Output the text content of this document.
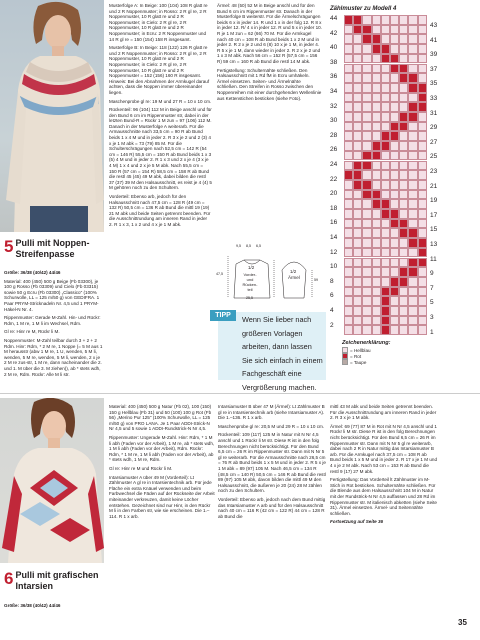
5 Pulli mit Noppen-
Streifenpasse

Größe: 36/38 (40/42) 44/46

Material: 400 (450) 500 g Beige (Fb 03300), je 100 g Rosso (Fb 03309) und Cielo (Fb 03315) sowie 50 g Ecru (Fb 03300) „Classico" (100% Schurwolle, LL = 125 m/50 g) von GEDIFRA. 1 Paar PRYM-Stricknadeln Nr. 4,5 und 1 PRYM-Häkel-N Nr. 4.

Rippenmuster: Gerade M-Zahl. Hin- und Rückr: Rdm, 1 M re, 1 M li im Wechsel, Rdm.

Gl re: Hinr re M, Rückr li M.

Noppenmuster: M-Zahl teilbar durch 3 + 2 + 2 Rdm. Hinr: Rdm, * 2 M re, 1 Noppe (= 5 M aus 1 M herausstr (abw 1 M re, 1 U, wenden, 5 M li, wenden, 5 M re, wenden, 5 M li, wenden, 2 x je 2 M re zus-str, 1 M re, dann nacheinander die 2. und 1. M über die 3. M ziehen)), ab * stets wdh, 2 M re, Rdm. Rückr: Alle M li str.

Musterfolge A: In Beige: 100 (104) 108 R glatt re und 2 R Noppenmuster; in Rosso: 2 R gl re, 2 R Noppenmuster, 10 R glatt re und 2 R Noppenmuster; in Cielo: 2 R gl re, 2 R Noppenmuster, 10 R glatt re und 2 R Noppenmuster; in Ecru: 2 R Noppenmuster und 14 R gl re = 150 (154) 158 R insgesamt.

Musterfolge B: In Beige: 118 (122) 126 R glatt re und 2 R Noppenmuster; in Rosso: 2 R gl re, 2 R Noppenmuster, 10 R glatt re und 2 R Noppenmuster; in Cielo: 2 R gl re, 2 R Noppenmuster, 10 R glatt re und 2 R Noppenmuster = 152 (156) 160 R insgesamt. Hinweis: Bei den Abnahmen der Armkugel darauf achten, dass die Noppen immer übereinander liegen.

Maschenprobe gl re: 19 M und 27 R = 10 x 10 cm.

Rückenteil: 96 (104) 112 M in Beige anschl und für den Bund 6 cm im Rippenmuster str, dabei in der letzten Bund-R = Rückr 1 M zun = 97 (106) 112 M. Danach in der Musterfolge A weiterarb. Für die Armausschnitte nach 33,5 cm = 90 R ab Bund beids 1 x 4 M und in jeder 2. R 3 x je 2 und 2 (3) 4 x je 1 M abk = 73 (79) 85 M. Für die Schulterschrägungen nach 52,5 cm = 142 R (54 cm = 146 R) 55,5 cm = 150 R ab Bund beids 1 x 3 (5) 4 M und in jeder 2. R 1 x 3 und 2 x je 4 (3 x je 4 M) 1 x 4 und 2 x je 5 M abk. Nach 55,5 cm = 150 R (57 cm = 154 R) 58,5 cm = 158 R ab Bund die restl 45 (45) 49 M abk, dabei bilden die restl 37 (37) 39 M den Halsausschnitt, es reist je 4 (4) 5 M gehören noch zu den Schultern.

Vorderteil: Ebenso arb, jedoch für den Halsausschnitt nach 47,5 cm = 128 R (49 cm = 132 R) 50,5 cm = 136 R ab Bund die mittl 19 (19) 21 M abk und beide Seiten getrennt beenden. Für die Ausschnittrundung am inneren Rand in jeder 2. R 1 x 3, 1 x 2 und 4 x je 1 M abk.

Ärmel: 48 (50) 52 M in Beige anschl und für den Bund 6 cm im Rippenmuster str. Danach in der Musterfolge B weiterstr. Für die Ärmelschrägungen beids 6 x in jeder 14. R und 1 x in der folg 12. R 8 x in jeder 12. R/ 4 x in jeder 12. R und 5 x in jeder 10. R je 1 M zun = 62 (66) 70 M. Für die Armkugel nach 40 cm = 108 R ab Bund beids 1 x 2 M und in jeder 2. R 2 x je 2 und 6 (8) 10 x je 1 M, in jeder 4. R 5 x je 1 M, dann wieder in jeder 2. R 2 x je 2 und 1 x 3 M abk. Nach 56 cm = 152 R (57,5 cm = 156 R) 59 cm = 160 R ab Bund die restl 14 M abk.

Fertigstellung: Schulternähte schließen. Den Halsausschnitt mit 1 Rd fM in Ecru umhäkeln. Ärmel einsetzen. Seiten- und Ärmelnähte schließen. Den Streifen in Rosso zwischen den Noppenreihen mit einer durchgehenden Wellenlinie aus Kettenstichen besticken (siehe Foto).

9,5 8,5 6,5
1/2
Vorder- und Rücken- teil
1/2
Ärmel
47,5
25,5
59
TIPP	Wenn Sie lieber nach größeren Vorlagen arbeiten, dann lassen Sie sich einfach in einem Fachgeschäft eine Vergrößerung machen.
Zählmuster zu Modell 4
44
42
40
38
36
34
32
30
28
26
24
22
20
18
16
14
12
10
8
6
4
2
43
41
39
37
35
33
31
29
27
25
23
21
19
17
15
13
11
9
7
5
3
1
Zeichenerklärung:
= Hellblau
= Rot
= Taupe
6 Pulli mit grafischen
Intarsien
Größe: 36/38 (40/42) 44/46

Material: 400 (450) 500 g Natur (Fb 02), 100 (150) 150 g Hellblau (Fb 31) und 50 (100) 100 g Rot (Fb 56) „Merino Pur 125" (100% Schurwolle, LL = 125 m/50 g) von PRO LANA. Je 1 Paar ADDI-Strick-N Nr 4,5 und 5 sowie 1 ADDI-Rundstrick-N Nr 4,5.

Rippenmuster: Ungerade M-Zahl. Hinr: Rdm, * 1 M li abh (Faden vor der Arbeit), 1 M re, ab * stets wdh, 1 M li abh (Faden vor der Arbeit), Rdm. Rückr: Rdm, * 1 M re, 1 M li abh (Faden vor der Arbeit), ab * stets wdh, 1 M re, Rdm.

Gl re: Hinr re M und Rückr li M.

Intarsiamuster A über 49 M (Vorderteil): Lt Zählmuster A gl re in Intarsientechnik arb. Für jede Fläche ein extra Knäuel verwenden und beim Farbwechsel die Fäden auf der Rückseite der Arbeit miteinander verkreuzen, damit keine Löcher entstehen. Gezeichnet sind nur Hinr, in den Rückr M li in den Farben str, wie sie erscheinen. Die 1.–114. R 1 x arb.

Intarsiamuster B über 47 M (Ärmel): Lt Zählmuster B gl re in Intarsientechnik arb (siehe Intarsiamuster A). Die 1.–136. R 1 x arb.

Maschenprobe gl re: 20,5 M und 29 R = 10 x 10 cm.

Rückenteil: 109 (117) 125 M in Natur mit N Nr 4,5 anschl und 1 Rückr li M str. Diese R ist in den folg Berechnungen nicht berücksichtigt. Für den Bund 6,5 cm = 26 R im Rippenmuster str. Dann mit N Nr 5 gl re weiterarb. Für die Armausschnitte nach 26,5 cm = 76 R ab Bund beids 1 x 5 M und in jeder 2. R 5 x je 1 M abk = 89 (97) 105 M. Nach 46,5 cm = 134 R (48,5 cm = 140 R) 50,5 cm = 146 R ab Bund die restl 89 (97) 105 M abk, davon bilden die mittl 49 M den Halsausschnitt, die äußeren je 20 (24) 28 M zählen noch zu den Schultern.

Vorderteil: Ebenso arb, jedoch nach dem Bund mittig das Intarsiamuster A arb und für den Halsausschnitt nach 40 cm = 116 R (42 cm = 122 R) 44 cm = 128 R ab Bund die

mittl 43 M abk und beide Seiten getrennt beenden. Für die Ausschnittrundung am inneren Rand in jeder 2. R 3 x je 1 M abk.

Ärmel: 69 (77) 87 M in Rot mit N Nr 4,5 anschl und 1 Rückr li M str. Diese R ist in den folg Berechnungen nicht berücksichtigt. Für den Bund 6,5 cm = 26 R im Rippenmuster str. Dann mit N Nr 5 gl re weiterarb, dabei nach 2 R in Natur mittig das Intarsiamuster B arb. Für die Armkugel nach 37,5 cm = 108 R ab Bund beids 1 x 5 M und in jeder 2. R 17 x je 1 M und 4 x je 2 M abk. Nach 53 cm = 153 R ab Bund die restl 9 (17) 27 M abk.

Fertigstellung: Das Vorderteil lt Zählmuster im M-Stich in Rot besticken. Schulternähte schließen. Für die Blende aus dem Halsausschnitt 104 M in Natur mit der Rundstrick-N Nr 4,5 auffassen und 28 Rd im Rippenmuster str. M italienisch abketten (siehe Seite 31). Ärmel einsetzen. Ärmel- und Seitennähte schließen.

Fortsetzung auf Seite 36

35
